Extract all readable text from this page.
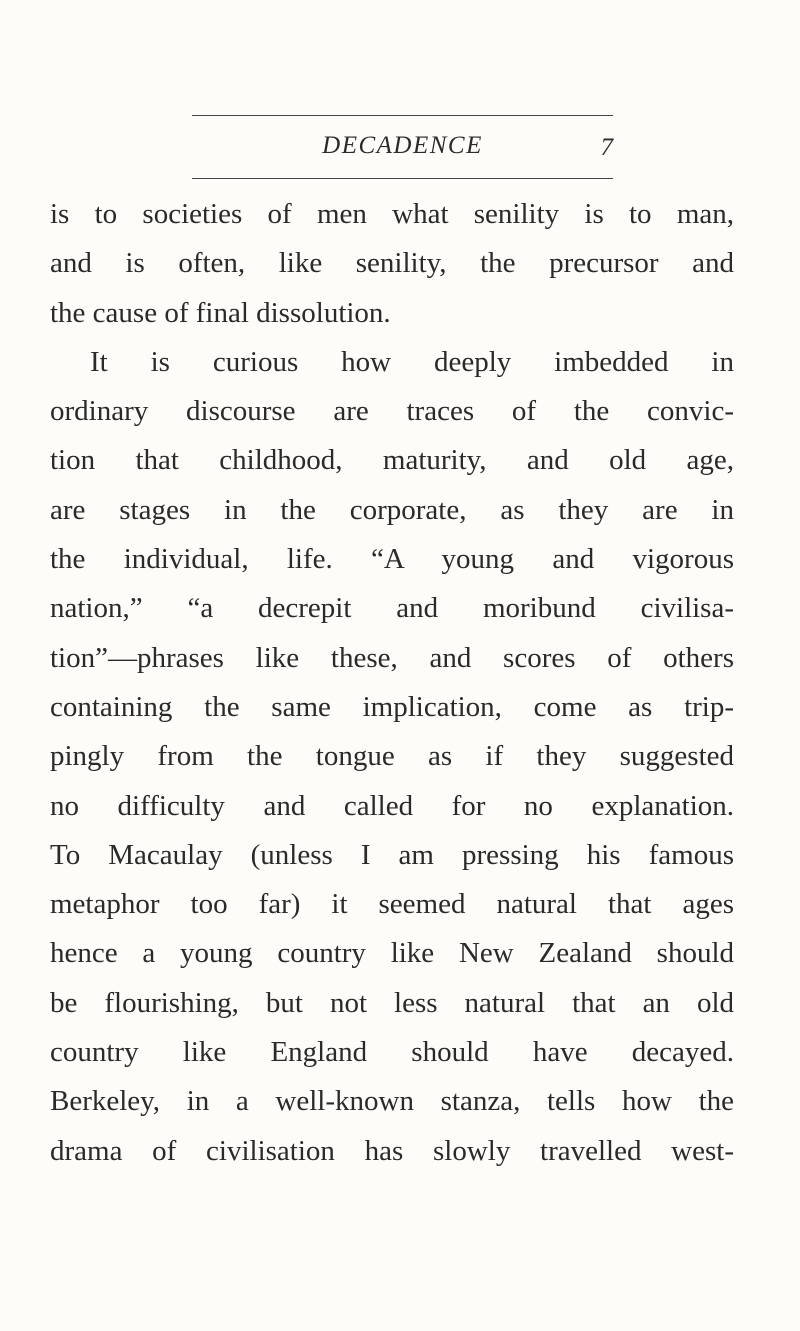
DECADENCE	7
is to societies of men what senility is to man,
and is often, like senility, the precursor and
the cause of final dissolution.
It is curious how deeply imbedded in
ordinary discourse are traces of the convic-
tion that childhood, maturity, and old age,
are stages in the corporate, as they are in
the individual, life. “A young and vigorous
nation,” “a decrepit and moribund civilisa-
tion”—phrases like these, and scores of others
containing the same implication, come as trip-
pingly from the tongue as if they suggested
no difficulty and called for no explanation.
To Macaulay (unless I am pressing his famous
metaphor too far) it seemed natural that ages
hence a young country like New Zealand should
be flourishing, but not less natural that an old
country like England should have decayed.
Berkeley, in a well-known stanza, tells how the
drama of civilisation has slowly travelled west-
